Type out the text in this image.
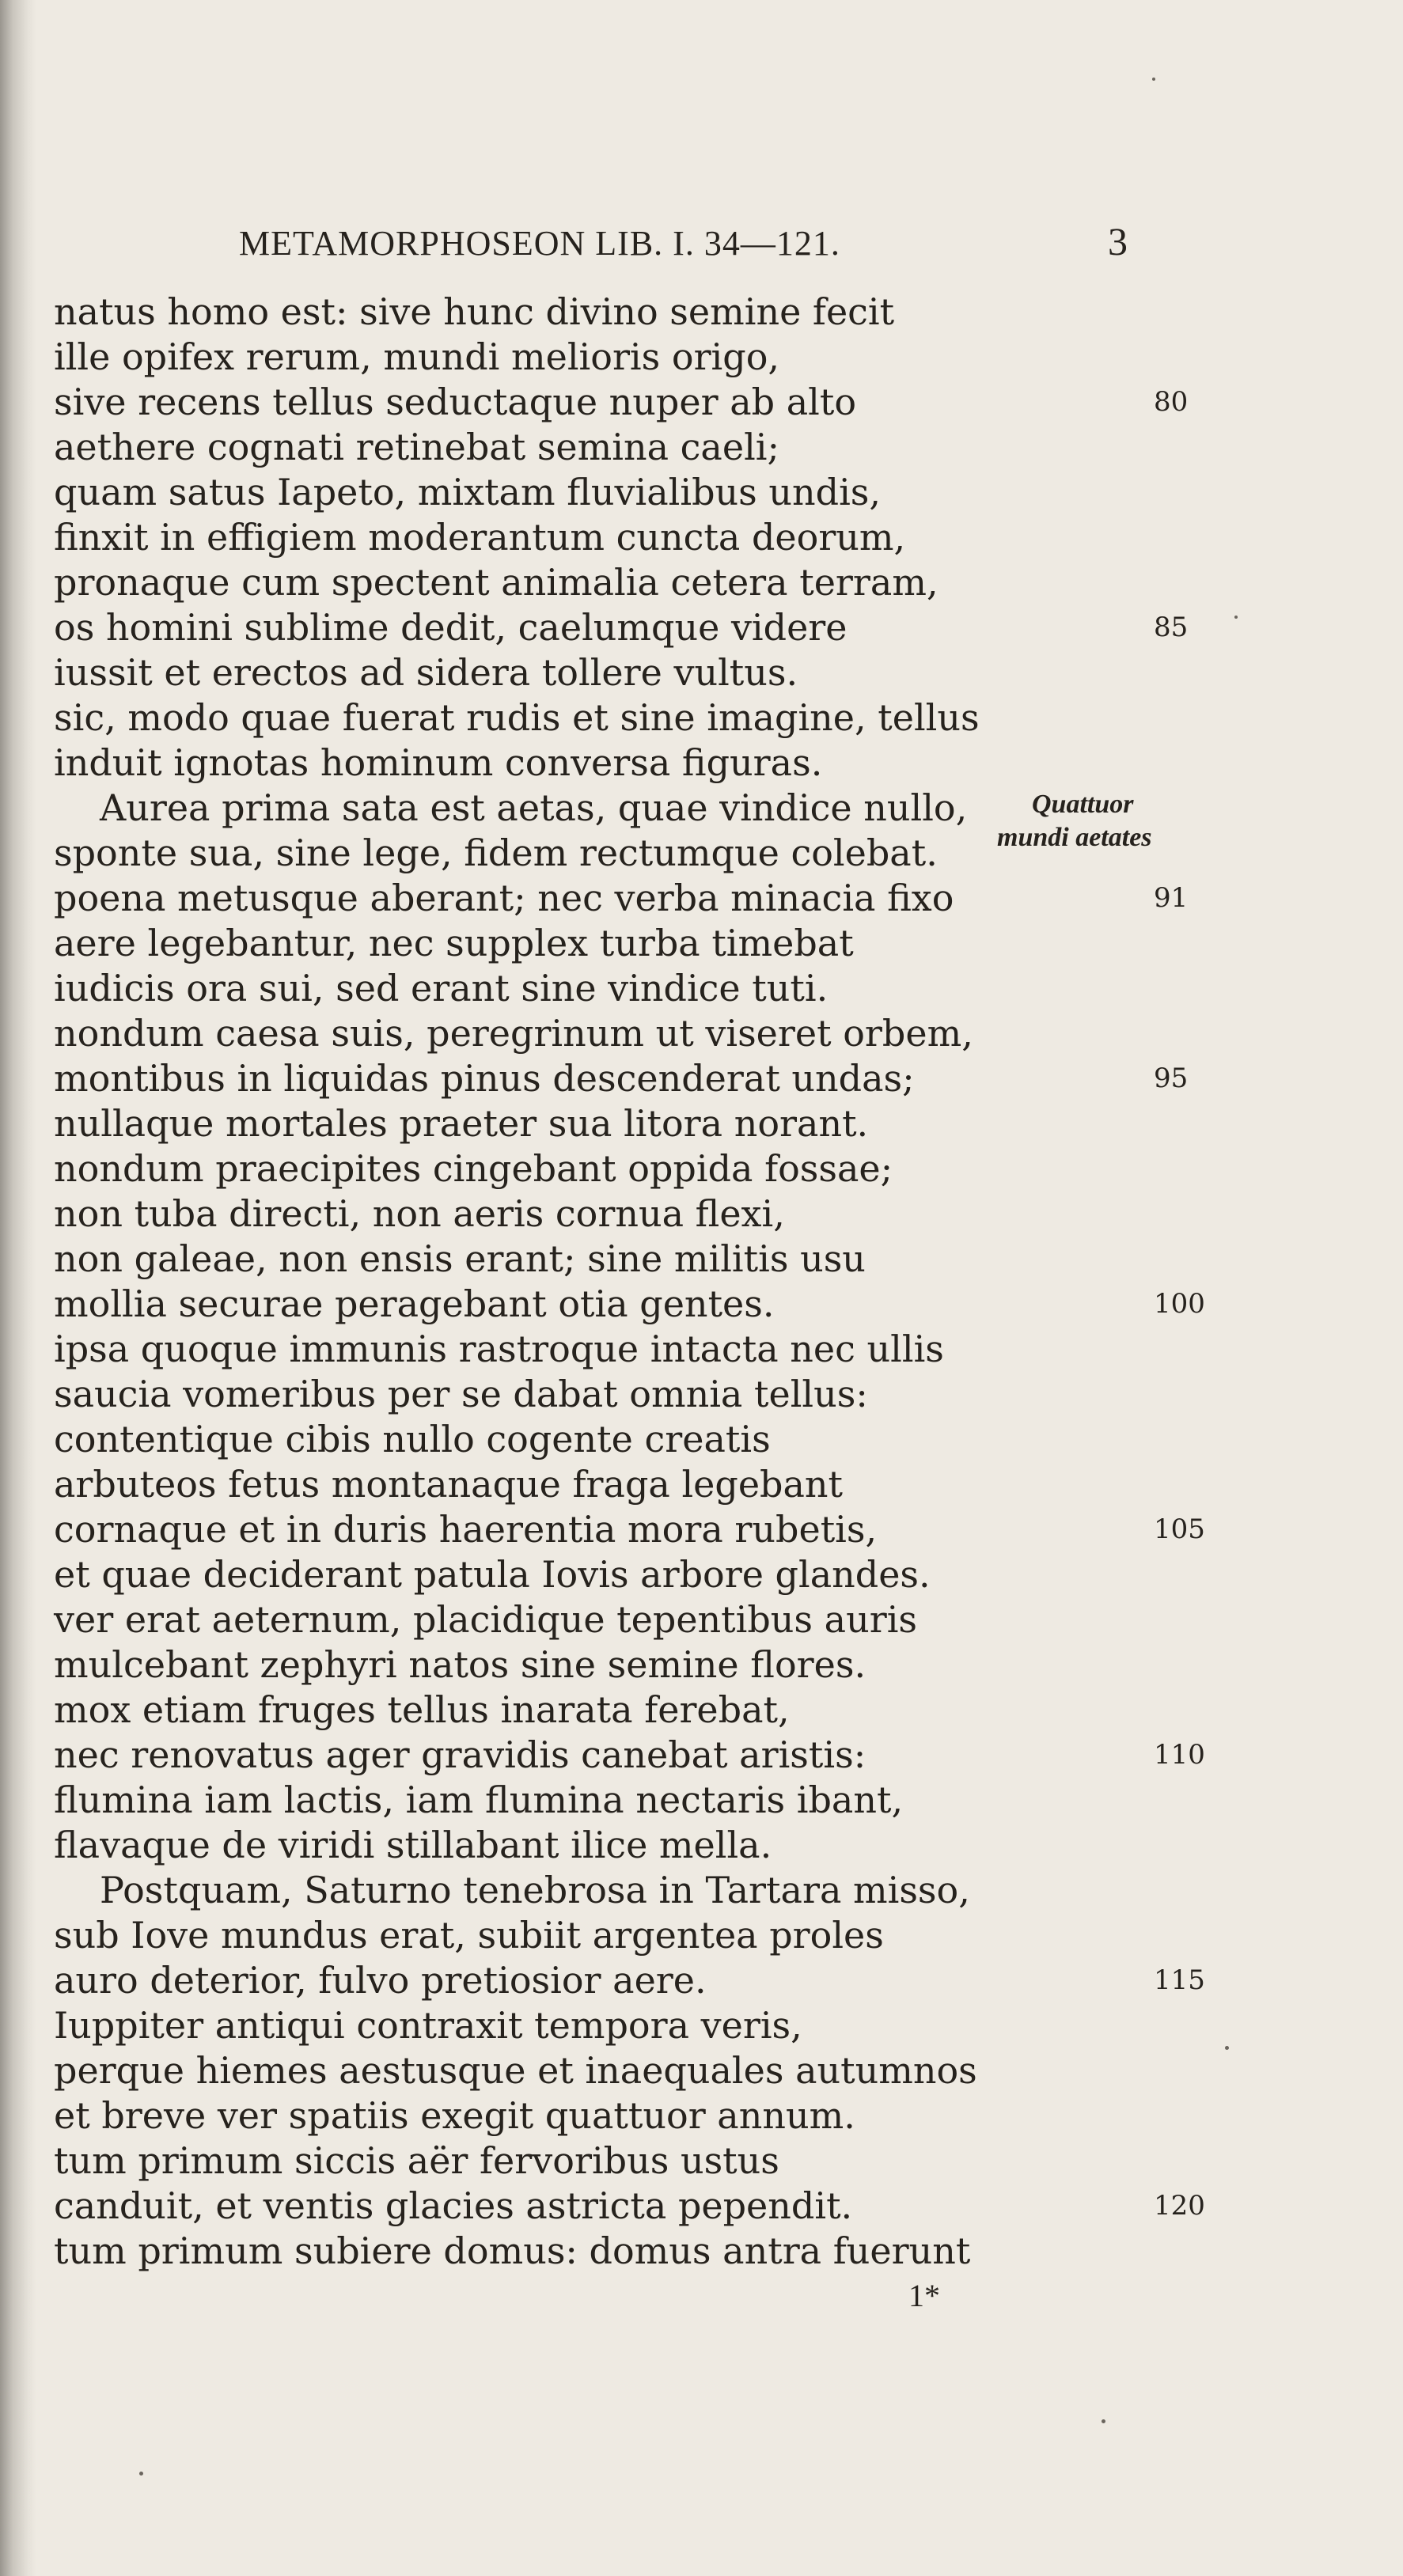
METAMORPHOSEON LIB. I. 34—121.	3
natus homo est: sive hunc divino semine fecit
ille opifex rerum, mundi melioris origo,
sive recens tellus seductaque nuper ab alto	80
aethere cognati retinebat semina caeli;
quam satus Iapeto, mixtam fluvialibus undis,
finxit in effigiem moderantum cuncta deorum,
pronaque cum spectent animalia cetera terram,
os homini sublime dedit, caelumque videre	85
iussit et erectos ad sidera tollere vultus.
sic, modo quae fuerat rudis et sine imagine, tellus
induit ignotas hominum conversa figuras.
Aurea prima sata est aetas, quae vindice nullo,
sponte sua, sine lege, fidem rectumque colebat.
poena metusque aberant; nec verba minacia fixo	91
aere legebantur, nec supplex turba timebat
iudicis ora sui, sed erant sine vindice tuti.
nondum caesa suis, peregrinum ut viseret orbem,
montibus in liquidas pinus descenderat undas;	95
nullaque mortales praeter sua litora norant.
nondum praecipites cingebant oppida fossae;
non tuba directi, non aeris cornua flexi,
non galeae, non ensis erant; sine militis usu
mollia securae peragebant otia gentes.	100
ipsa quoque immunis rastroque intacta nec ullis
saucia vomeribus per se dabat omnia tellus:
contentique cibis nullo cogente creatis
arbuteos fetus montanaque fraga legebant
cornaque et in duris haerentia mora rubetis,	105
et quae deciderant patula Iovis arbore glandes.
ver erat aeternum, placidique tepentibus auris
mulcebant zephyri natos sine semine flores.
mox etiam fruges tellus inarata ferebat,
nec renovatus ager gravidis canebat aristis:	110
flumina iam lactis, iam flumina nectaris ibant,
flavaque de viridi stillabant ilice mella.
Postquam, Saturno tenebrosa in Tartara misso,
sub Iove mundus erat, subiit argentea proles
auro deterior, fulvo pretiosior aere.	115
Iuppiter antiqui contraxit tempora veris,
perque hiemes aestusque et inaequales autumnos
et breve ver spatiis exegit quattuor annum.
tum primum siccis aër fervoribus ustus
canduit, et ventis glacies astricta pependit.	120
tum primum subiere domus: domus antra fuerunt
Quattuor
mundi aetates
1*
